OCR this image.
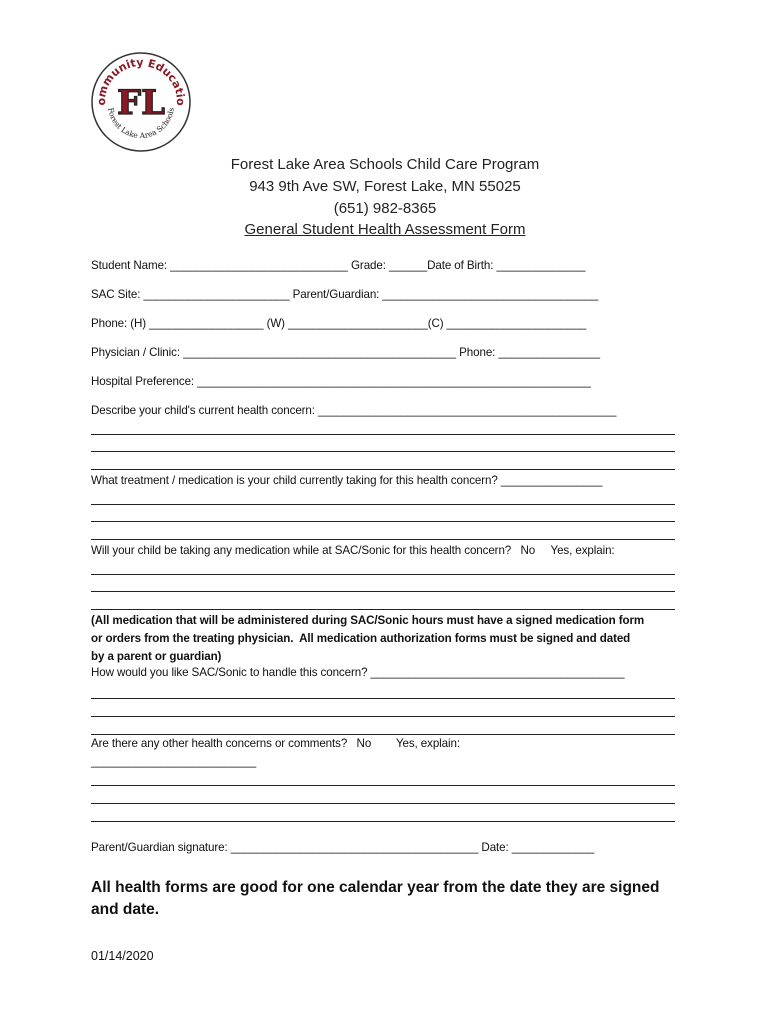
ommunity Educatio
Forest Lake Area Schools
FL
Forest Lake Area Schools Child Care Program
943 9th Ave SW, Forest Lake, MN 55025
(651) 982-8365
General Student Health Assessment Form
Student Name: ____________________________ Grade: ______Date of Birth: ______________
SAC Site: _______________________ Parent/Guardian: __________________________________
Phone: (H) __________________ (W) ______________________(C) ______________________
Physician / Clinic: ___________________________________________ Phone: ________________
Hospital Preference: ______________________________________________________________
Describe your child's current health concern: _______________________________________________
What treatment / medication is your child currently taking for this health concern? ________________
Will your child be taking any medication while at SAC/Sonic for this health concern?   No     Yes, explain:
(All medication that will be administered during SAC/Sonic hours must have a signed medication form
or orders from the treating physician.  All medication authorization forms must be signed and dated
by a parent or guardian)
How would you like SAC/Sonic to handle this concern? ________________________________________
Are there any other health concerns or comments?   No        Yes, explain:
__________________________
Parent/Guardian signature: _______________________________________ Date: _____________
All health forms are good for one calendar year from the date they are signed and date.
01/14/2020
